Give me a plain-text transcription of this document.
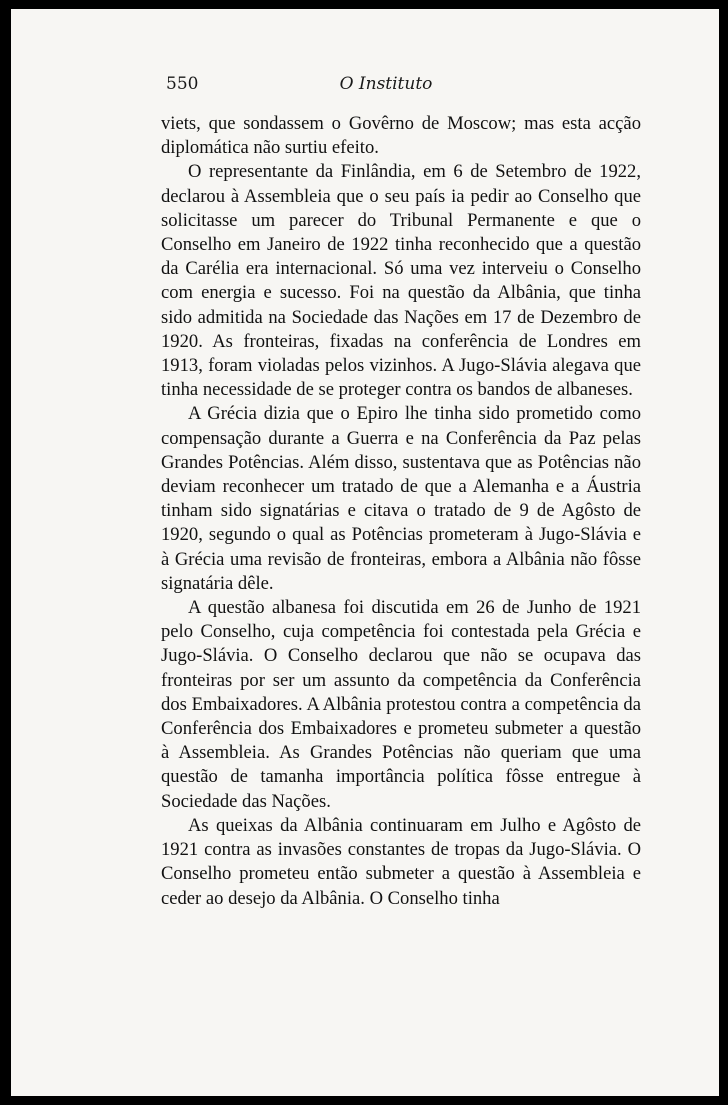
550	O Instituto

viets, que sondassem o Govêrno de Moscow; mas esta acção diplomática não surtiu efeito.

O representante da Finlândia, em 6 de Setembro de 1922, declarou à Assembleia que o seu país ia pedir ao Conselho que solicitasse um parecer do Tribunal Permanente e que o Conselho em Janeiro de 1922 tinha reconhecido que a questão da Carélia era internacional. Só uma vez interveiu o Conselho com energia e sucesso. Foi na questão da Albânia, que tinha sido admitida na Sociedade das Nações em 17 de Dezembro de 1920. As fronteiras, fixadas na conferência de Londres em 1913, foram violadas pelos vizinhos. A Jugo-Slávia alegava que tinha necessidade de se proteger contra os bandos de albaneses.

A Grécia dizia que o Epiro lhe tinha sido prometido como compensação durante a Guerra e na Conferência da Paz pelas Grandes Potências. Além disso, sustentava que as Potências não deviam reconhecer um tratado de que a Alemanha e a Áustria tinham sido signatárias e citava o tratado de 9 de Agôsto de 1920, segundo o qual as Potências prometeram à Jugo-Slávia e à Grécia uma revisão de fronteiras, embora a Albânia não fôsse signatária dêle.

A questão albanesa foi discutida em 26 de Junho de 1921 pelo Conselho, cuja competência foi contestada pela Grécia e Jugo-Slávia. O Conselho declarou que não se ocupava das fronteiras por ser um assunto da competência da Conferência dos Embaixadores. A Albânia protestou contra a competência da Conferência dos Embaixadores e prometeu submeter a questão à Assembleia. As Grandes Potências não queriam que uma questão de tamanha importância política fôsse entregue à Sociedade das Nações.

As queixas da Albânia continuaram em Julho e Agôsto de 1921 contra as invasões constantes de tropas da Jugo-Slávia. O Conselho prometeu então submeter a questão à Assembleia e ceder ao desejo da Albânia. O Conselho tinha
